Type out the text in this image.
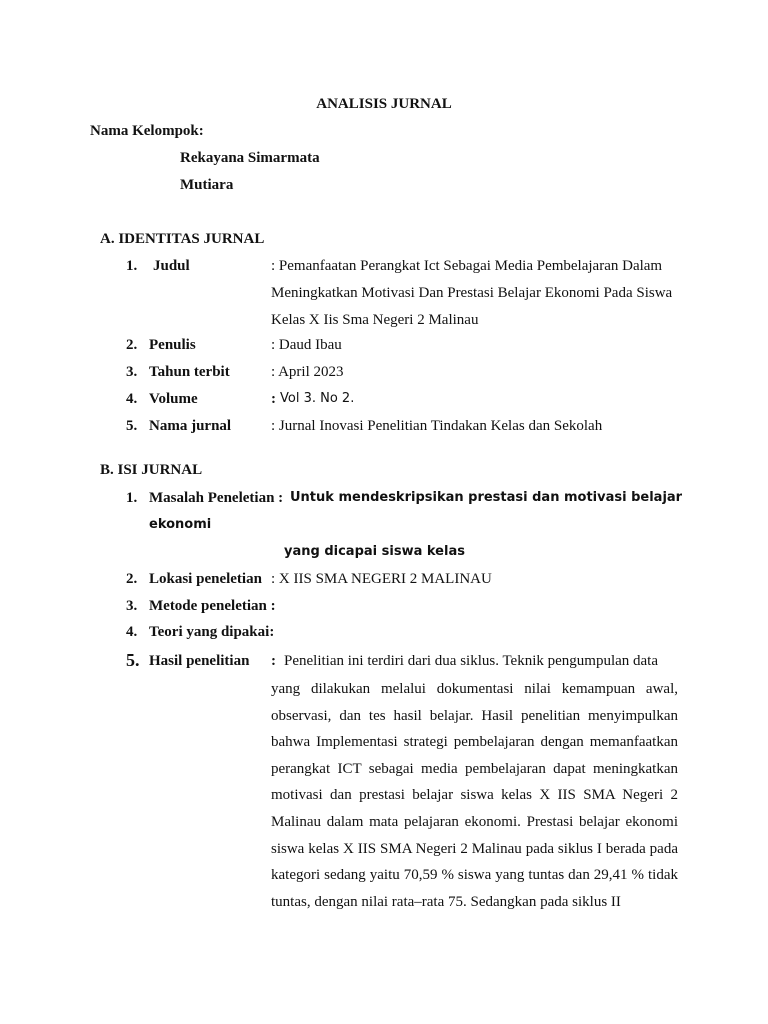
ANALISIS JURNAL
Nama Kelompok:
Rekayana Simarmata
Mutiara
A. IDENTITAS JURNAL
1. Judul	: Pemanfaatan Perangkat Ict Sebagai Media Pembelajaran Dalam
Meningkatkan Motivasi Dan Prestasi Belajar Ekonomi Pada Siswa
Kelas X Iis Sma Negeri 2 Malinau
2. Penulis	: Daud Ibau
3. Tahun terbit	: April 2023
4. Volume	: Vol 3. No 2.
5. Nama jurnal	: Jurnal Inovasi Penelitian Tindakan Kelas dan Sekolah
B. ISI JURNAL
1. Masalah Peneletian : Untuk mendeskripsikan prestasi dan motivasi belajar
ekonomi
yang dicapai siswa kelas
2. Lokasi peneletian : X IIS SMA NEGERI 2 MALINAU
3. Metode peneletian :
4. Teori yang dipakai:
5. Hasil penelitian : Penelitian ini terdiri dari dua siklus. Teknik pengumpulan data

yang dilakukan melalui dokumentasi nilai kemampuan awal, observasi, dan tes hasil belajar. Hasil penelitian menyimpulkan bahwa Implementasi strategi pembelajaran dengan memanfaatkan perangkat ICT sebagai media pembelajaran dapat meningkatkan motivasi dan prestasi belajar siswa kelas X IIS SMA Negeri 2 Malinau dalam mata pelajaran ekonomi. Prestasi belajar ekonomi siswa kelas X IIS SMA Negeri 2 Malinau pada siklus I berada pada kategori sedang yaitu 70,59 % siswa yang tuntas dan 29,41 % tidak tuntas, dengan nilai rata–rata 75. Sedangkan pada siklus II
